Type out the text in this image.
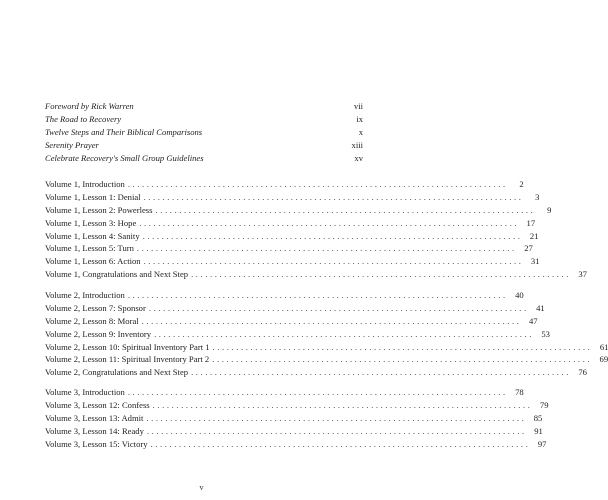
Foreword by Rick Warren	vii
The Road to Recovery	ix
Twelve Steps and Their Biblical Comparisons	x
Serenity Prayer	xiii
Celebrate Recovery's Small Group Guidelines	xv
Volume 1, Introduction ................................................................................	2
Volume 1, Lesson 1: Denial ................................................................................	3
Volume 1, Lesson 2: Powerless ................................................................................	9
Volume 1, Lesson 3: Hope ................................................................................ 17
Volume 1, Lesson 4: Sanity ................................................................................ 21
Volume 1, Lesson 5: Turn ................................................................................ 27
Volume 1, Lesson 6: Action ................................................................................ 31
Volume 1, Congratulations and Next Step ................................................................................ 37
Volume 2, Introduction ................................................................................ 40
Volume 2, Lesson 7: Sponsor ................................................................................ 41
Volume 2, Lesson 8: Moral ................................................................................ 47
Volume 2, Lesson 9: Inventory ................................................................................ 53
Volume 2, Lesson 10: Spiritual Inventory Part 1 ................................................................................ 61
Volume 2, Lesson 11: Spiritual Inventory Part 2 ................................................................................ 69
Volume 2, Congratulations and Next Step ................................................................................ 76
Volume 3, Introduction ................................................................................ 78
Volume 3, Lesson 12: Confess ................................................................................ 79
Volume 3, Lesson 13: Admit ................................................................................ 85
Volume 3, Lesson 14: Ready ................................................................................ 91
Volume 3, Lesson 15: Victory ................................................................................ 97
v
